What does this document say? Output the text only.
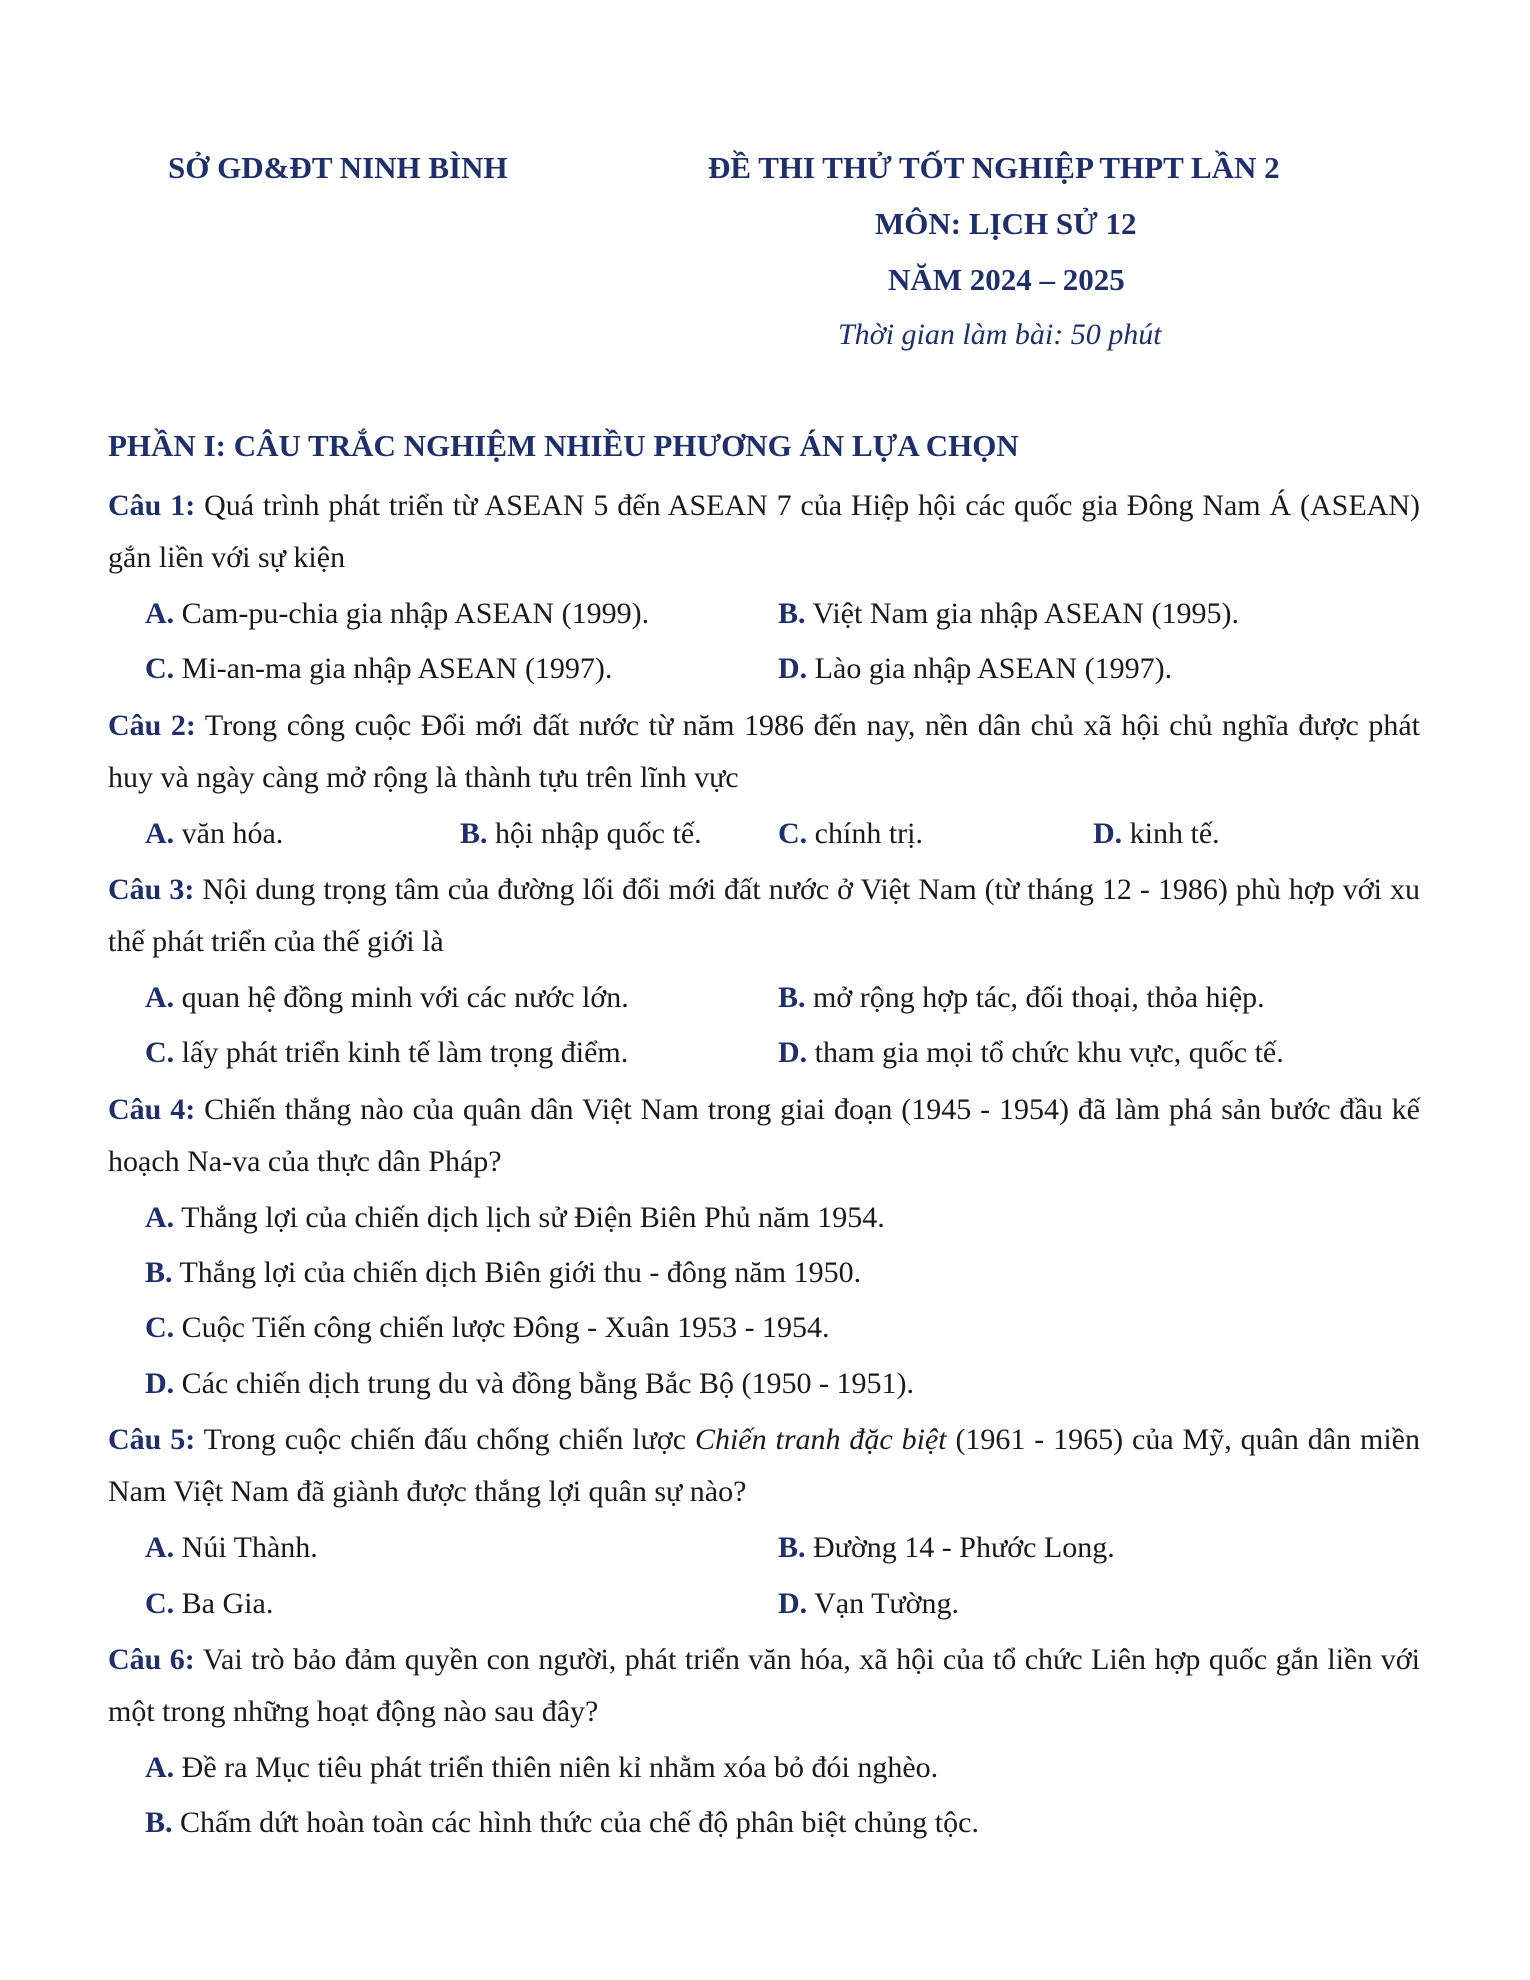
SỞ GD&ĐT NINH BÌNH	ĐỀ THI THỬ TỐT NGHIỆP THPT LẦN 2
MÔN: LỊCH SỬ 12
NĂM 2024 – 2025
Thời gian làm bài: 50 phút
PHẦN I: CÂU TRẮC NGHIỆM NHIỀU PHƯƠNG ÁN LỰA CHỌN
Câu 1: Quá trình phát triển từ ASEAN 5 đến ASEAN 7 của Hiệp hội các quốc gia Đông Nam Á (ASEAN) gắn liền với sự kiện
A. Cam-pu-chia gia nhập ASEAN (1999).	B. Việt Nam gia nhập ASEAN (1995).
C. Mi-an-ma gia nhập ASEAN (1997).	D. Lào gia nhập ASEAN (1997).
Câu 2: Trong công cuộc Đổi mới đất nước từ năm 1986 đến nay, nền dân chủ xã hội chủ nghĩa được phát huy và ngày càng mở rộng là thành tựu trên lĩnh vực
A. văn hóa.	B. hội nhập quốc tế.	C. chính trị.	D. kinh tế.
Câu 3: Nội dung trọng tâm của đường lối đổi mới đất nước ở Việt Nam (từ tháng 12 - 1986) phù hợp với xu thế phát triển của thế giới là
A. quan hệ đồng minh với các nước lớn.	B. mở rộng hợp tác, đối thoại, thỏa hiệp.
C. lấy phát triển kinh tế làm trọng điểm.	D. tham gia mọi tổ chức khu vực, quốc tế.
Câu 4: Chiến thắng nào của quân dân Việt Nam trong giai đoạn (1945 - 1954) đã làm phá sản bước đầu kế hoạch Na-va của thực dân Pháp?
A. Thắng lợi của chiến dịch lịch sử Điện Biên Phủ năm 1954.
B. Thắng lợi của chiến dịch Biên giới thu - đông năm 1950.
C. Cuộc Tiến công chiến lược Đông - Xuân 1953 - 1954.
D. Các chiến dịch trung du và đồng bằng Bắc Bộ (1950 - 1951).
Câu 5: Trong cuộc chiến đấu chống chiến lược Chiến tranh đặc biệt (1961 - 1965) của Mỹ, quân dân miền Nam Việt Nam đã giành được thắng lợi quân sự nào?
A. Núi Thành.	B. Đường 14 - Phước Long.
C. Ba Gia.	D. Vạn Tường.
Câu 6: Vai trò bảo đảm quyền con người, phát triển văn hóa, xã hội của tổ chức Liên hợp quốc gắn liền với một trong những hoạt động nào sau đây?
A. Đề ra Mục tiêu phát triển thiên niên kỉ nhằm xóa bỏ đói nghèo.
B. Chấm dứt hoàn toàn các hình thức của chế độ phân biệt chủng tộc.
